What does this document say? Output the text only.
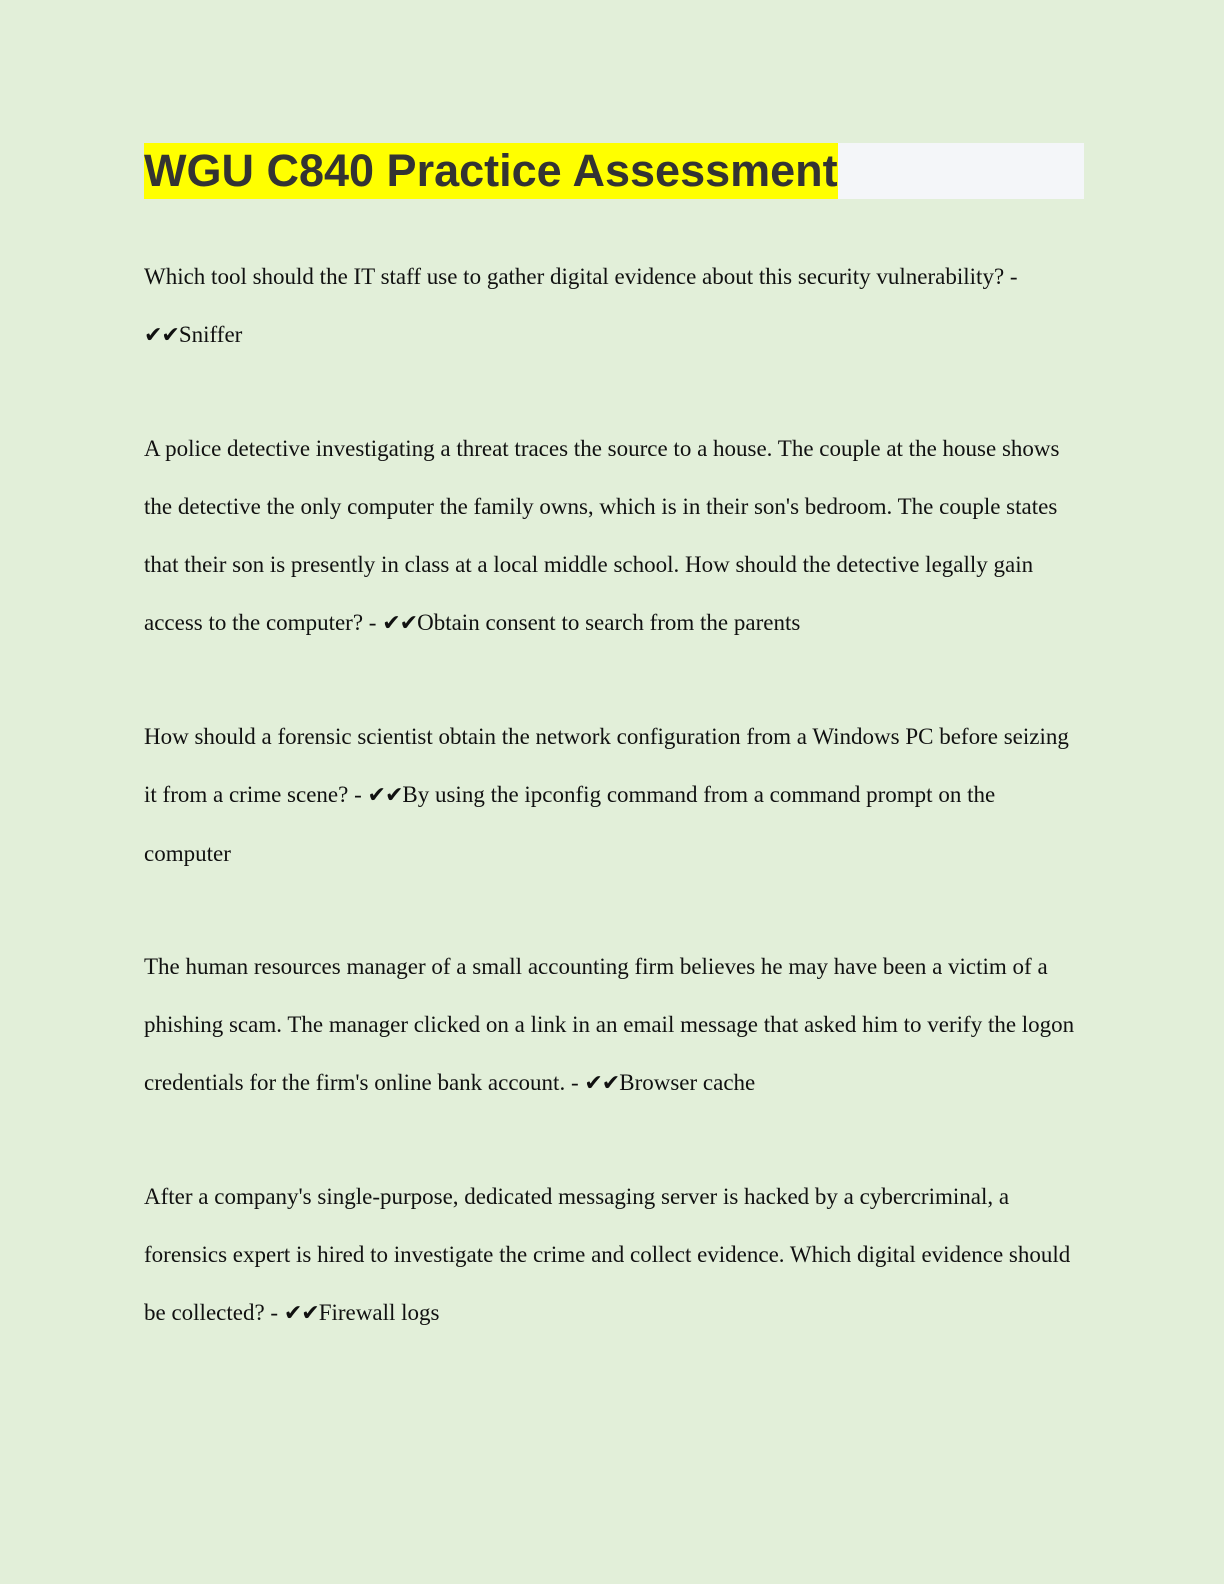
WGU C840 Practice Assessment

Which tool should the IT staff use to gather digital evidence about this security vulnerability? - ✔✔Sniffer

A police detective investigating a threat traces the source to a house. The couple at the house shows the detective the only computer the family owns, which is in their son's bedroom. The couple states that their son is presently in class at a local middle school. How should the detective legally gain access to the computer? - ✔✔Obtain consent to search from the parents

How should a forensic scientist obtain the network configuration from a Windows PC before seizing it from a crime scene? - ✔✔By using the ipconfig command from a command prompt on the computer

The human resources manager of a small accounting firm believes he may have been a victim of a phishing scam. The manager clicked on a link in an email message that asked him to verify the logon credentials for the firm's online bank account. - ✔✔Browser cache

After a company's single-purpose, dedicated messaging server is hacked by a cybercriminal, a forensics expert is hired to investigate the crime and collect evidence. Which digital evidence should be collected? - ✔✔Firewall logs
